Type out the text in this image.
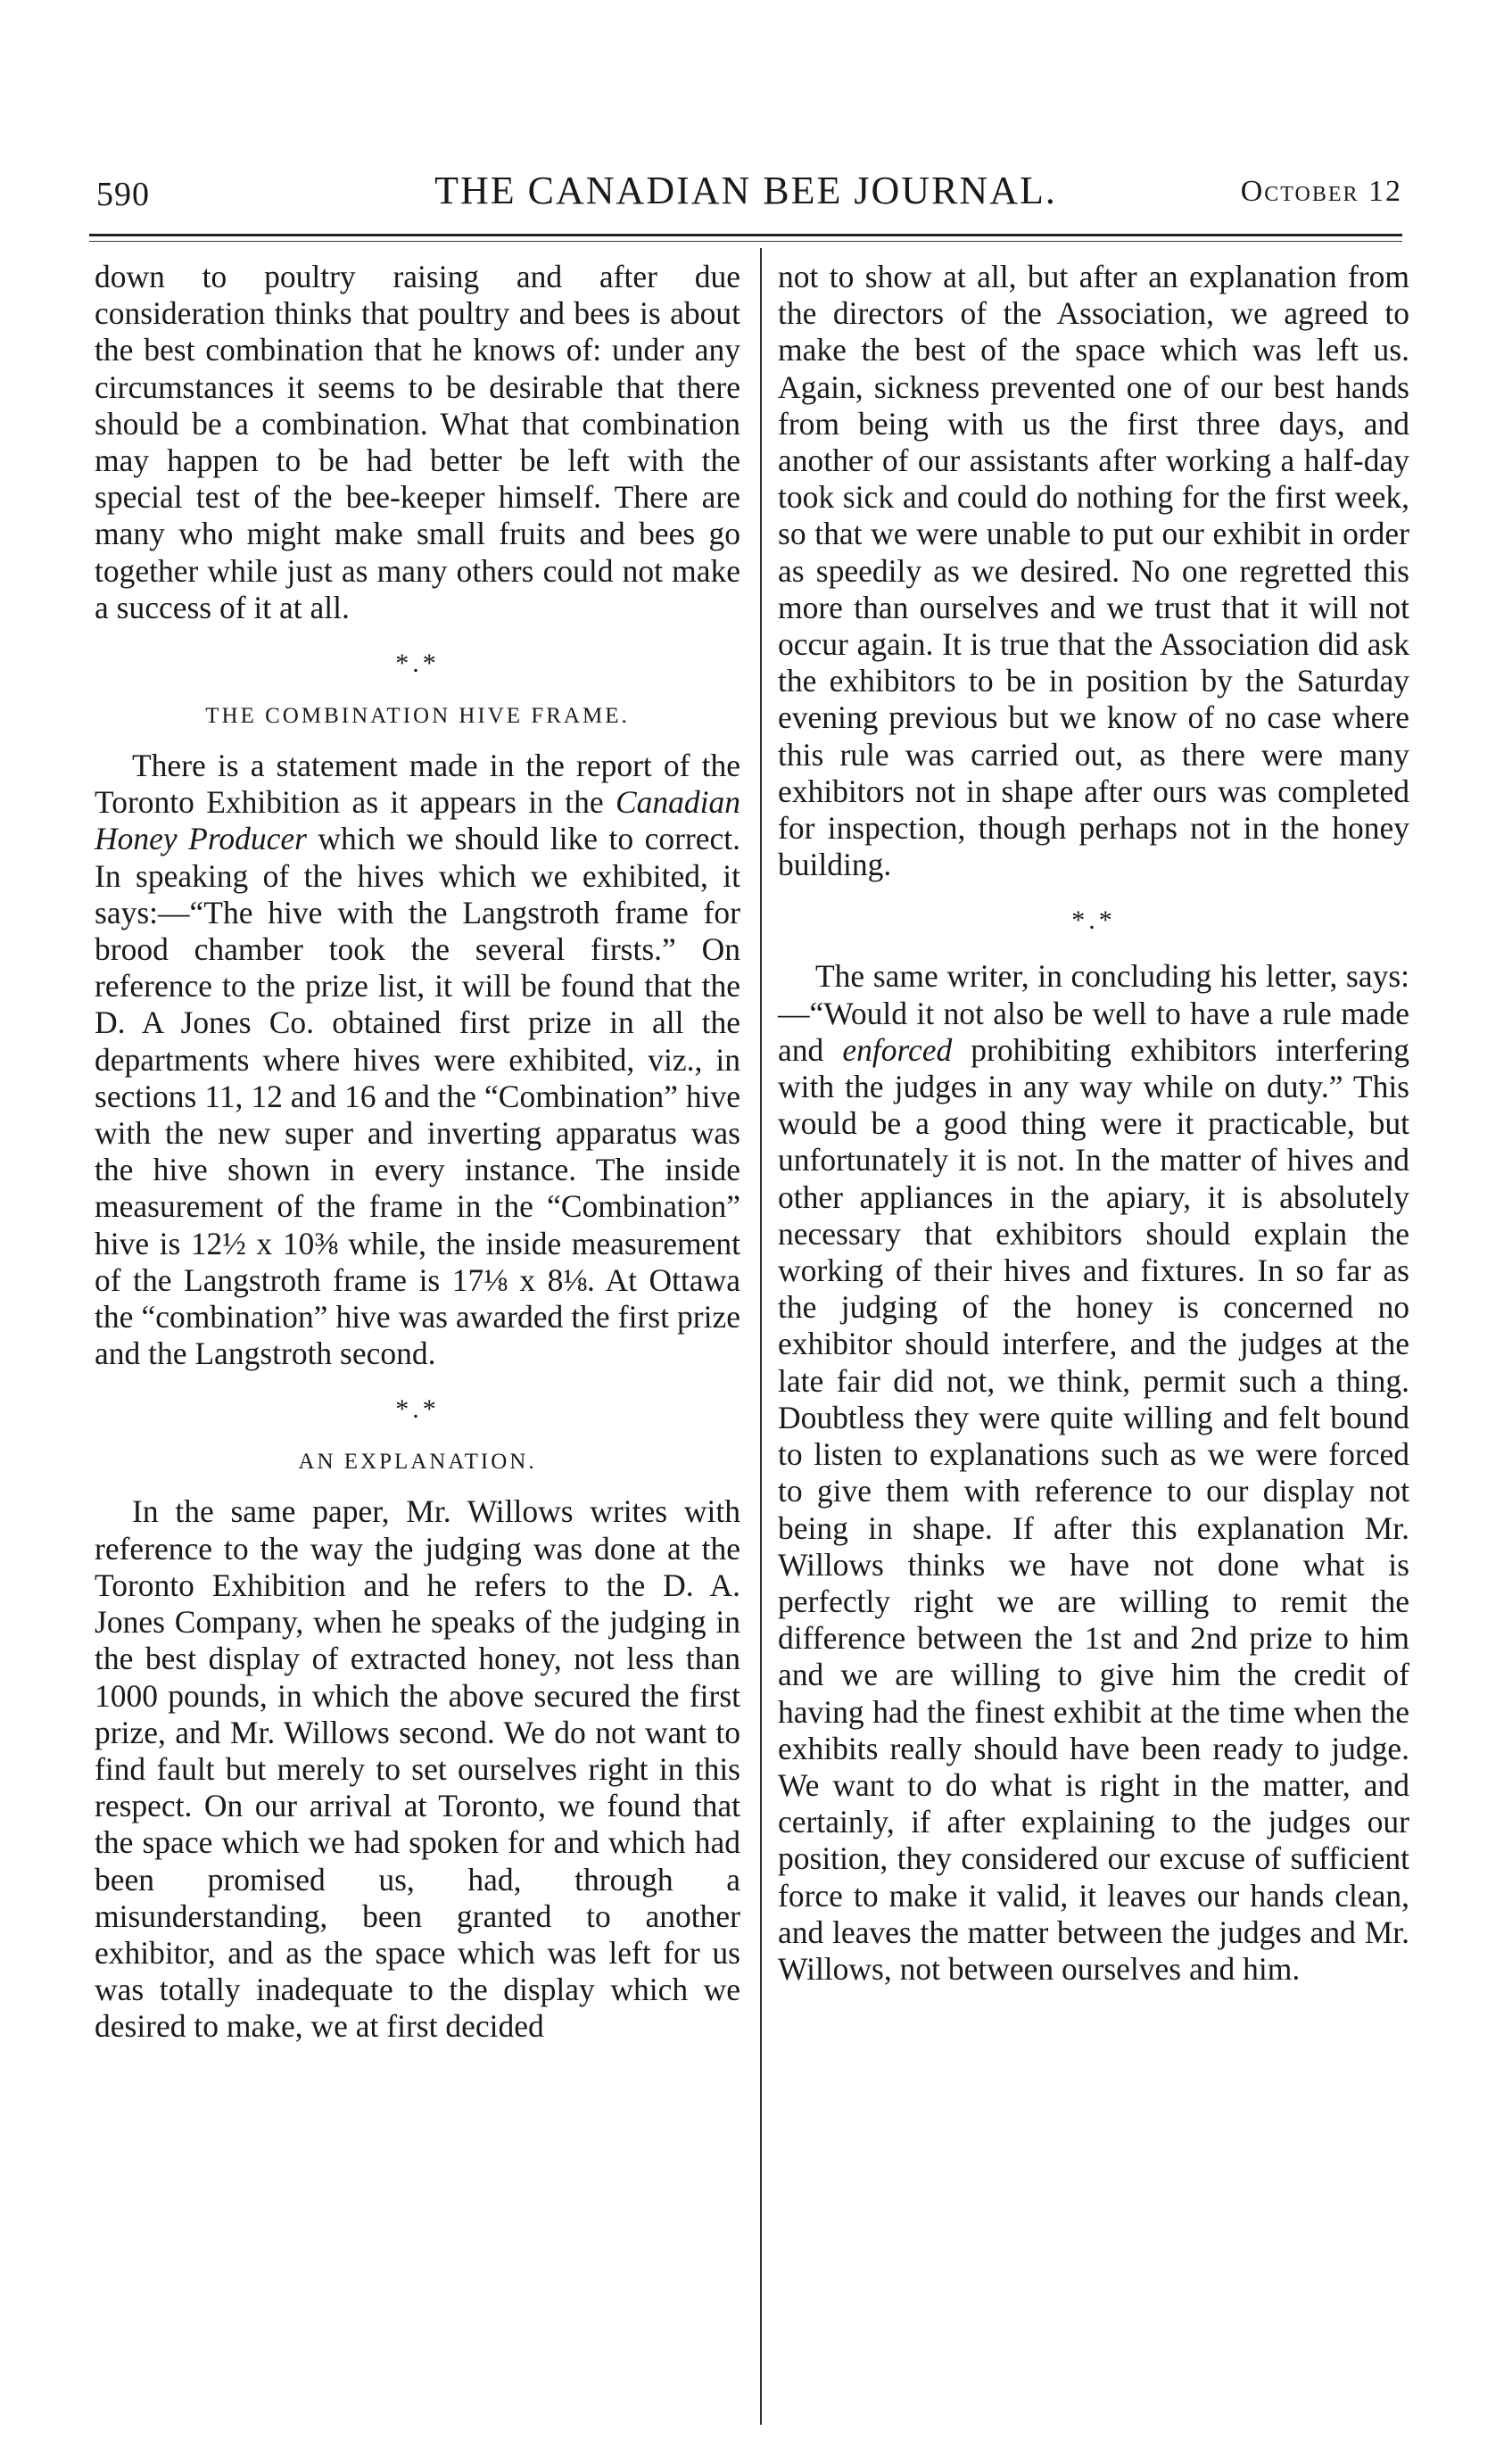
590	THE CANADIAN BEE JOURNAL.	October 12

down to poultry raising and after due consideration thinks that poultry and bees is about the best combination that he knows of: under any circumstances it seems to be desirable that there should be a combination. What that combination may happen to be had better be left with the special test of the bee-keeper himself. There are many who might make small fruits and bees go together while just as many others could not make a success of it at all.

*.*
THE COMBINATION HIVE FRAME.

There is a statement made in the report of the Toronto Exhibition as it appears in the Canadian Honey Producer which we should like to correct. In speaking of the hives which we exhibited, it says:—“The hive with the Langstroth frame for brood chamber took the several firsts.” On reference to the prize list, it will be found that the D. A Jones Co. obtained first prize in all the departments where hives were exhibited, viz., in sections 11, 12 and 16 and the “Combination” hive with the new super and inverting apparatus was the hive shown in every instance. The inside measurement of the frame in the “Combination” hive is 12½ x 10⅜ while, the inside measurement of the Langstroth frame is 17⅛ x 8⅛. At Ottawa the “combination” hive was awarded the first prize and the Langstroth second.

*.*
AN EXPLANATION.

In the same paper, Mr. Willows writes with reference to the way the judging was done at the Toronto Exhibition and he refers to the D. A. Jones Company, when he speaks of the judging in the best display of extracted honey, not less than 1000 pounds, in which the above secured the first prize, and Mr. Willows second. We do not want to find fault but merely to set ourselves right in this respect. On our arrival at Toronto, we found that the space which we had spoken for and which had been promised us, had, through a misunderstanding, been granted to another exhibitor, and as the space which was left for us was totally inadequate to the display which we desired to make, we at first decided

not to show at all, but after an explanation from the directors of the Association, we agreed to make the best of the space which was left us. Again, sickness prevented one of our best hands from being with us the first three days, and another of our assistants after working a half-day took sick and could do nothing for the first week, so that we were unable to put our exhibit in order as speedily as we desired. No one regretted this more than ourselves and we trust that it will not occur again. It is true that the Association did ask the exhibitors to be in position by the Saturday evening previous but we know of no case where this rule was carried out, as there were many exhibitors not in shape after ours was completed for inspection, though perhaps not in the honey building.

*.*

The same writer, in concluding his letter, says:—“Would it not also be well to have a rule made and enforced prohibiting exhibitors interfering with the judges in any way while on duty.” This would be a good thing were it practicable, but unfortunately it is not. In the matter of hives and other appliances in the apiary, it is absolutely necessary that exhibitors should explain the working of their hives and fixtures. In so far as the judging of the honey is concerned no exhibitor should interfere, and the judges at the late fair did not, we think, permit such a thing. Doubtless they were quite willing and felt bound to listen to explanations such as we were forced to give them with reference to our display not being in shape. If after this explanation Mr. Willows thinks we have not done what is perfectly right we are willing to remit the difference between the 1st and 2nd prize to him and we are willing to give him the credit of having had the finest exhibit at the time when the exhibits really should have been ready to judge. We want to do what is right in the matter, and certainly, if after explaining to the judges our position, they considered our excuse of sufficient force to make it valid, it leaves our hands clean, and leaves the matter between the judges and Mr. Willows, not between ourselves and him.
